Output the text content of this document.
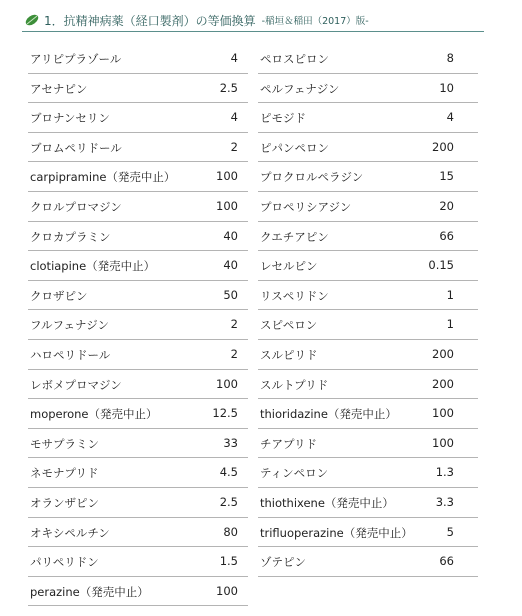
1．抗精神病薬（経口製剤）の等価換算 -稲垣＆稲田（2017）版-
アリピプラゾール	4
アセナピン	2.5
ブロナンセリン	4
ブロムペリドール	2
carpipramine（発売中止）	100
クロルプロマジン	100
クロカプラミン	40
clotiapine（発売中止）	40
クロザピン	50
フルフェナジン	2
ハロペリドール	2
レボメプロマジン	100
moperone（発売中止）	12.5
モサプラミン	33
ネモナプリド	4.5
オランザピン	2.5
オキシペルチン	80
パリペリドン	1.5
perazine（発売中止）	100
ペロスピロン	8
ペルフェナジン	10
ピモジド	4
ピパンペロン	200
プロクロルペラジン	15
プロペリシアジン	20
クエチアピン	66
レセルピン	0.15
リスペリドン	1
スピペロン	1
スルピリド	200
スルトプリド	200
thioridazine（発売中止）	100
チアプリド	100
ティンペロン	1.3
thiothixene（発売中止）	3.3
trifluoperazine（発売中止）	5
ゾテピン	66
